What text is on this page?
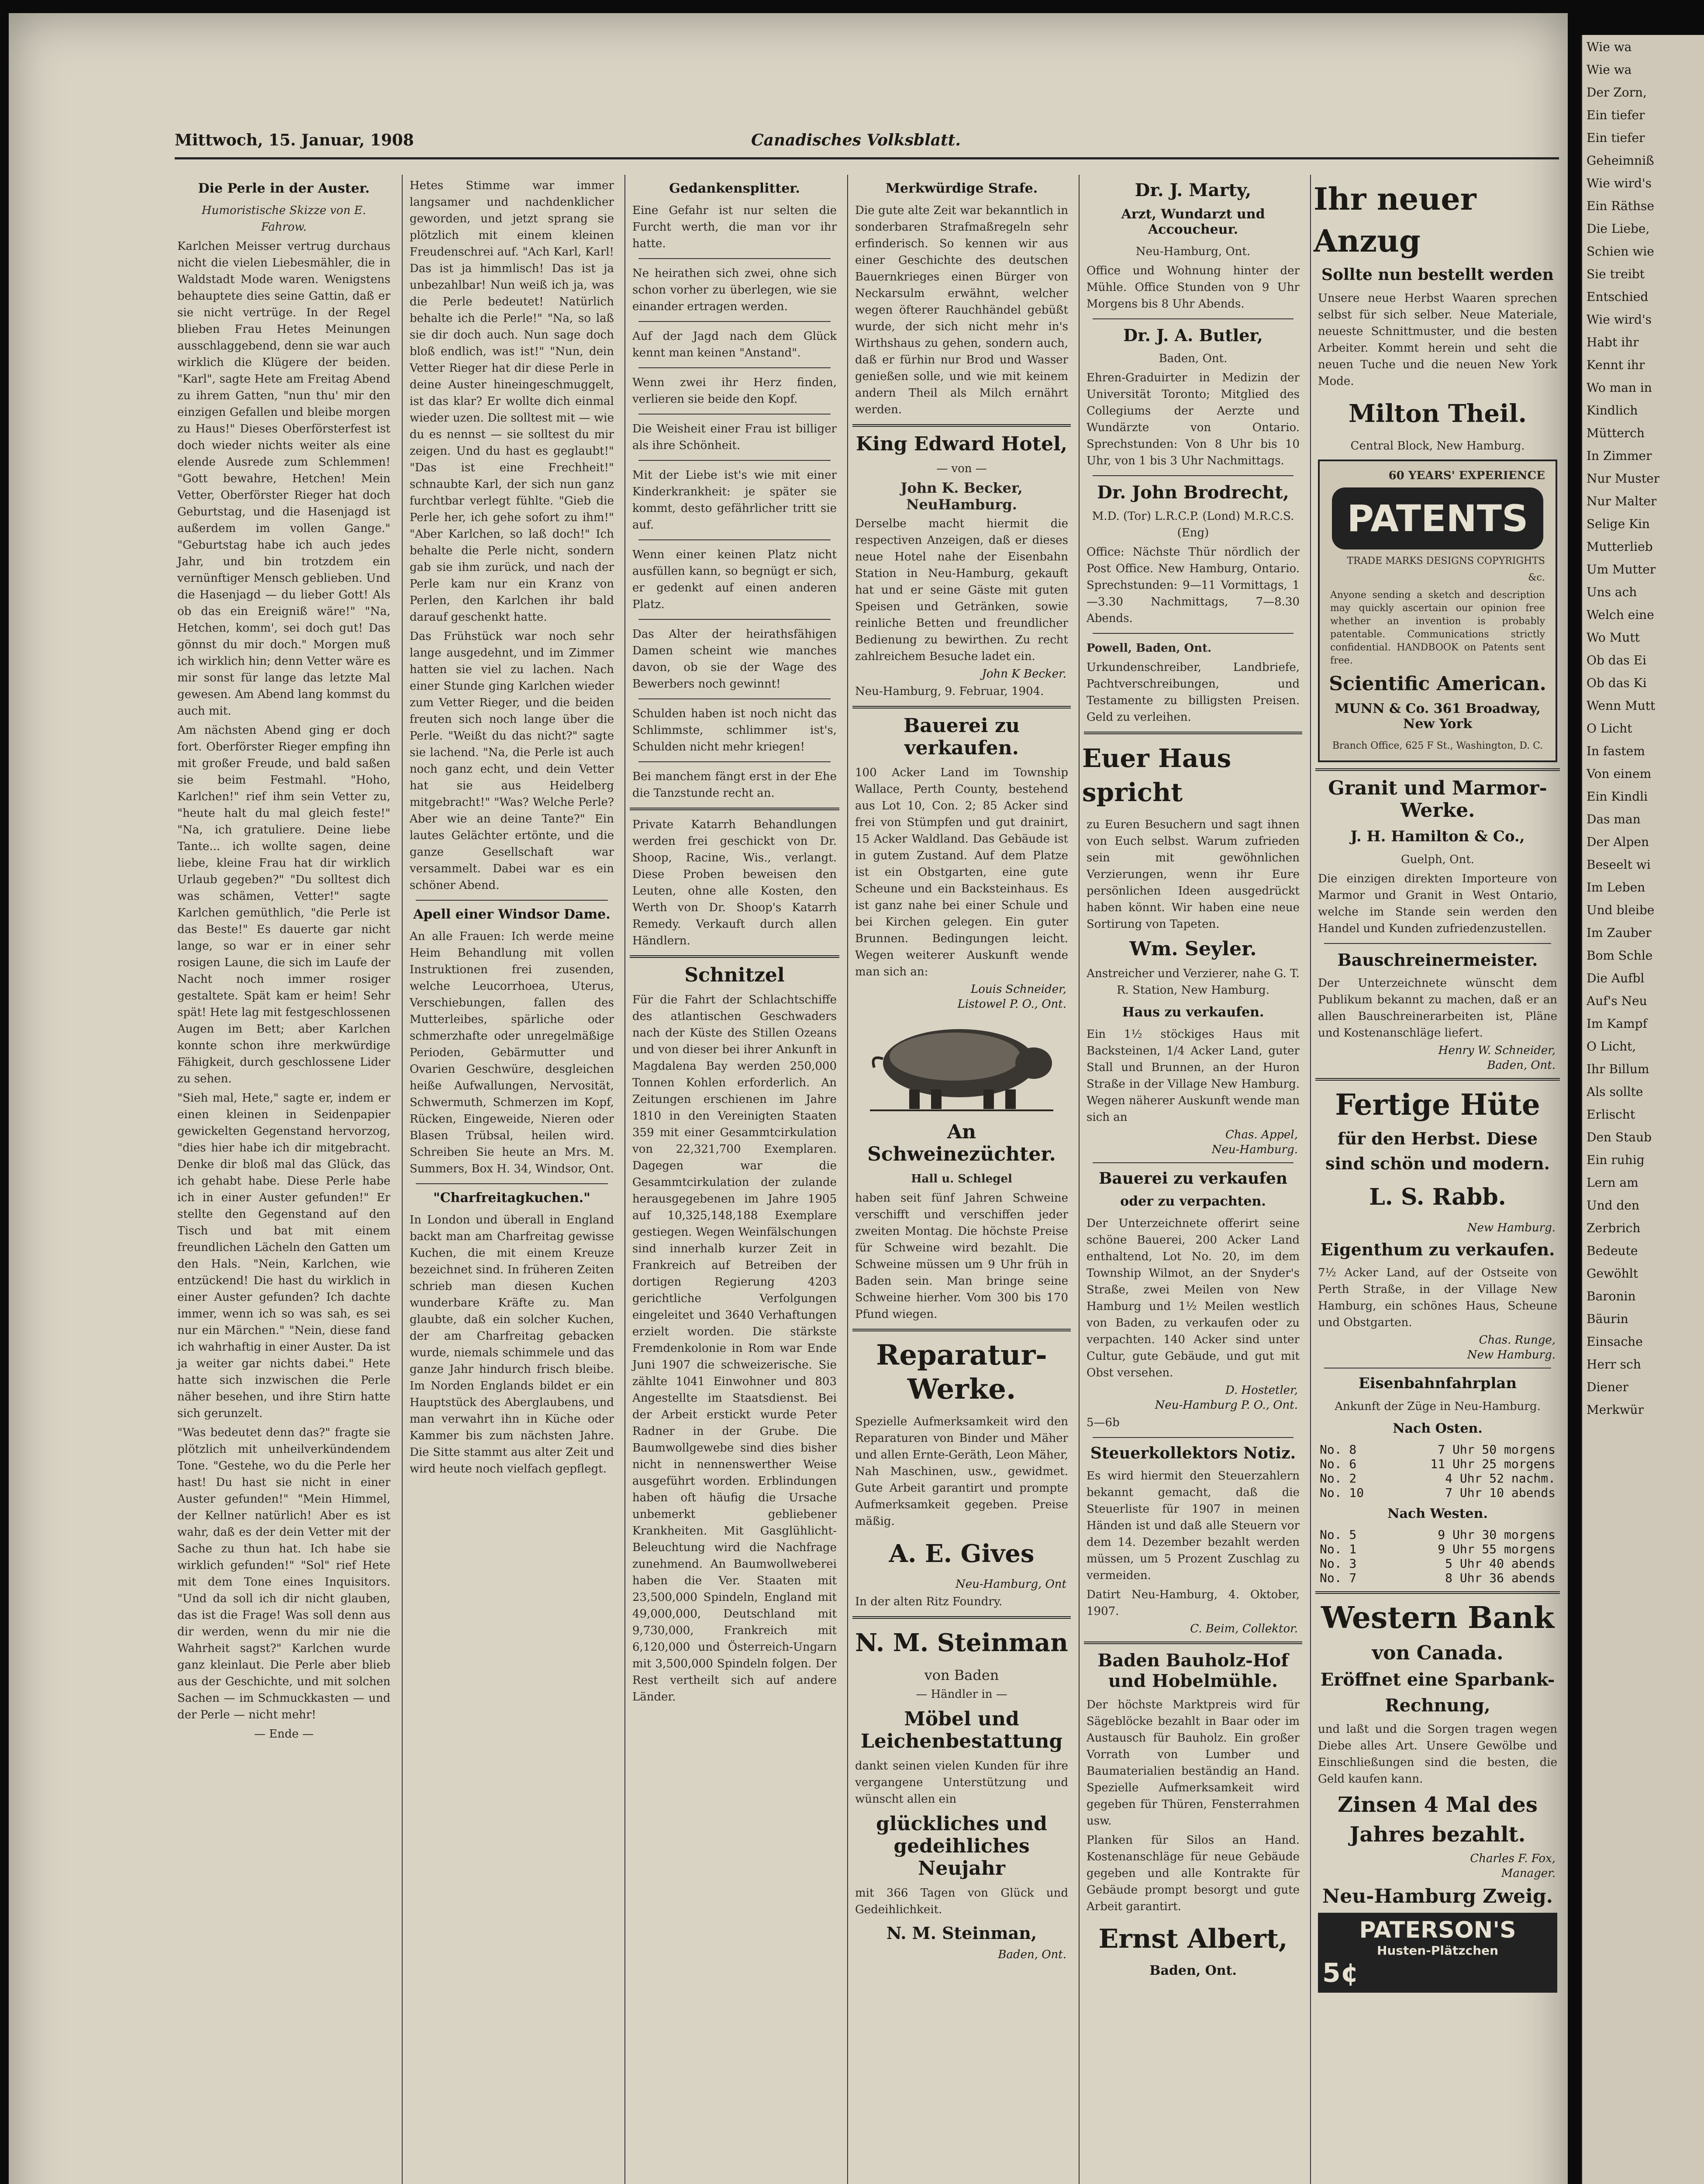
Mittwoch, 15. Januar, 1908	Canadisches Volksblatt.
Die Perle in der Auster.
Humoristische Skizze von E. Fahrow.
Karlchen Meisser vertrug durchaus nicht die vielen Liebesmähler, die in Waldstadt Mode waren. Wenigstens behauptete dies seine Gattin, daß er sie nicht vertrüge. In der Regel blieben Frau Hetes Meinungen ausschlaggebend, denn sie war auch wirklich die Klügere der beiden. "Karl", sagte Hete am Freitag Abend zu ihrem Gatten, "nun thu' mir den einzigen Gefallen und bleibe morgen zu Haus!" Dieses Oberförsterfest ist doch wieder nichts weiter als eine elende Ausrede zum Schlemmen! "Gott bewahre, Hetchen! Mein Vetter, Oberförster Rieger hat doch Geburtstag, und die Hasenjagd ist außerdem im vollen Gange." "Geburtstag habe ich auch jedes Jahr, und bin trotzdem ein vernünftiger Mensch geblieben. Und die Hasenjagd — du lieber Gott! Als ob das ein Ereigniß wäre!" "Na, Hetchen, komm', sei doch gut! Das gönnst du mir doch." Morgen muß ich wirklich hin; denn Vetter wäre es mir sonst für lange das letzte Mal gewesen. Am Abend lang kommst du auch mit.
Am nächsten Abend ging er doch fort. Oberförster Rieger empfing ihn mit großer Freude, und bald saßen sie beim Festmahl. "Hoho, Karlchen!" rief ihm sein Vetter zu, "heute halt du mal gleich feste!" "Na, ich gratuliere. Deine liebe Tante... ich wollte sagen, deine liebe, kleine Frau hat dir wirklich Urlaub gegeben?" "Du solltest dich was schämen, Vetter!" sagte Karlchen gemüthlich, "die Perle ist das Beste!" Es dauerte gar nicht lange, so war er in einer sehr rosigen Laune, die sich im Laufe der Nacht noch immer rosiger gestaltete. Spät kam er heim! Sehr spät! Hete lag mit festgeschlossenen Augen im Bett; aber Karlchen konnte schon ihre merkwürdige Fähigkeit, durch geschlossene Lider zu sehen.
"Sieh mal, Hete," sagte er, indem er einen kleinen in Seidenpapier gewickelten Gegenstand hervorzog, "dies hier habe ich dir mitgebracht. Denke dir bloß mal das Glück, das ich gehabt habe. Diese Perle habe ich in einer Auster gefunden!" Er stellte den Gegenstand auf den Tisch und bat mit einem freundlichen Lächeln den Gatten um den Hals. "Nein, Karlchen, wie entzückend! Die hast du wirklich in einer Auster gefunden? Ich dachte immer, wenn ich so was sah, es sei nur ein Märchen." "Nein, diese fand ich wahrhaftig in einer Auster. Da ist ja weiter gar nichts dabei." Hete hatte sich inzwischen die Perle näher besehen, und ihre Stirn hatte sich gerunzelt.
"Was bedeutet denn das?" fragte sie plötzlich mit unheilverkündendem Tone. "Gestehe, wo du die Perle her hast! Du hast sie nicht in einer Auster gefunden!" "Mein Himmel, der Kellner natürlich! Aber es ist wahr, daß es der dein Vetter mit der Sache zu thun hat. Ich habe sie wirklich gefunden!" "Sol" rief Hete mit dem Tone eines Inquisitors. "Und da soll ich dir nicht glauben, das ist die Frage! Was soll denn aus dir werden, wenn du mir nie die Wahrheit sagst?" Karlchen wurde ganz kleinlaut. Die Perle aber blieb aus der Geschichte, und mit solchen Sachen — im Schmuckkasten — und der Perle — nicht mehr!
— Ende —
Hetes Stimme war immer langsamer und nachdenklicher geworden, und jetzt sprang sie plötzlich mit einem kleinen Freudenschrei auf. "Ach Karl, Karl! Das ist ja himmlisch! Das ist ja unbezahlbar! Nun weiß ich ja, was die Perle bedeutet! Natürlich behalte ich die Perle!" "Na, so laß sie dir doch auch. Nun sage doch bloß endlich, was ist!" "Nun, dein Vetter Rieger hat dir diese Perle in deine Auster hineingeschmuggelt, ist das klar? Er wollte dich einmal wieder uzen. Die solltest mit — wie du es nennst — sie solltest du mir zeigen. Und du hast es geglaubt!" "Das ist eine Frechheit!" schnaubte Karl, der sich nun ganz furchtbar verlegt fühlte. "Gieb die Perle her, ich gehe sofort zu ihm!" "Aber Karlchen, so laß doch!" Ich behalte die Perle nicht, sondern gab sie ihm zurück, und nach der Perle kam nur ein Kranz von Perlen, den Karlchen ihr bald darauf geschenkt hatte.
Das Frühstück war noch sehr lange ausgedehnt, und im Zimmer hatten sie viel zu lachen. Nach einer Stunde ging Karlchen wieder zum Vetter Rieger, und die beiden freuten sich noch lange über die Perle. "Weißt du das nicht?" sagte sie lachend. "Na, die Perle ist auch noch ganz echt, und dein Vetter hat sie aus Heidelberg mitgebracht!" "Was? Welche Perle? Aber wie an deine Tante?" Ein lautes Gelächter ertönte, und die ganze Gesellschaft war versammelt. Dabei war es ein schöner Abend.
Apell einer Windsor Dame.
An alle Frauen: Ich werde meine Heim Behandlung mit vollen Instruktionen frei zusenden, welche Leucorrhoea, Uterus, Verschiebungen, fallen des Mutterleibes, spärliche oder schmerzhafte oder unregelmäßige Perioden, Gebärmutter und Ovarien Geschwüre, desgleichen heiße Aufwallungen, Nervosität, Schwermuth, Schmerzen im Kopf, Rücken, Eingeweide, Nieren oder Blasen Trübsal, heilen wird. Schreiben Sie heute an Mrs. M. Summers, Box H. 34, Windsor, Ont.
"Charfreitagkuchen."
In London und überall in England backt man am Charfreitag gewisse Kuchen, die mit einem Kreuze bezeichnet sind. In früheren Zeiten schrieb man diesen Kuchen wunderbare Kräfte zu. Man glaubte, daß ein solcher Kuchen, der am Charfreitag gebacken wurde, niemals schimmele und das ganze Jahr hindurch frisch bleibe. Im Norden Englands bildet er ein Hauptstück des Aberglaubens, und man verwahrt ihn in Küche oder Kammer bis zum nächsten Jahre. Die Sitte stammt aus alter Zeit und wird heute noch vielfach gepflegt.
Gedankensplitter.
Eine Gefahr ist nur selten die Furcht werth, die man vor ihr hatte.
Ne heirathen sich zwei, ohne sich schon vorher zu überlegen, wie sie einander ertragen werden.
Auf der Jagd nach dem Glück kennt man keinen "Anstand".
Wenn zwei ihr Herz finden, verlieren sie beide den Kopf.
Die Weisheit einer Frau ist billiger als ihre Schönheit.
Mit der Liebe ist's wie mit einer Kinderkrankheit: je später sie kommt, desto gefährlicher tritt sie auf.
Wenn einer keinen Platz nicht ausfüllen kann, so begnügt er sich, er gedenkt auf einen anderen Platz.
Das Alter der heirathsfähigen Damen scheint wie manches davon, ob sie der Wage des Bewerbers noch gewinnt!
Schulden haben ist noch nicht das Schlimmste, schlimmer ist's, Schulden nicht mehr kriegen!
Bei manchem fängt erst in der Ehe die Tanzstunde recht an.
Private Katarrh Behandlungen werden frei geschickt von Dr. Shoop, Racine, Wis., verlangt. Diese Proben beweisen den Leuten, ohne alle Kosten, den Werth von Dr. Shoop's Katarrh Remedy. Verkauft durch allen Händlern.
Schnitzel
Für die Fahrt der Schlachtschiffe des atlantischen Geschwaders nach der Küste des Stillen Ozeans und von dieser bei ihrer Ankunft in Magdalena Bay werden 250,000 Tonnen Kohlen erforderlich. An Zeitungen erschienen im Jahre 1810 in den Vereinigten Staaten 359 mit einer Gesammtcirkulation von 22,321,700 Exemplaren. Dagegen war die Gesammtcirkulation der zulande herausgegebenen im Jahre 1905 auf 10,325,148,188 Exemplare gestiegen. Wegen Weinfälschungen sind innerhalb kurzer Zeit in Frankreich auf Betreiben der dortigen Regierung 4203 gerichtliche Verfolgungen eingeleitet und 3640 Verhaftungen erzielt worden. Die stärkste Fremdenkolonie in Rom war Ende Juni 1907 die schweizerische. Sie zählte 1041 Einwohner und 803 Angestellte im Staatsdienst. Bei der Arbeit erstickt wurde Peter Radner in der Grube. Die Baumwollgewebe sind dies bisher nicht in nennenswerther Weise ausgeführt worden. Erblindungen haben oft häufig die Ursache unbemerkt gebliebener Krankheiten. Mit Gasglühlicht-Beleuchtung wird die Nachfrage zunehmend. An Baumwollweberei haben die Ver. Staaten mit 23,500,000 Spindeln, England mit 49,000,000, Deutschland mit 9,730,000, Frankreich mit 6,120,000 und Österreich-Ungarn mit 3,500,000 Spindeln folgen. Der Rest vertheilt sich auf andere Länder.
Merkwürdige Strafe.
Die gute alte Zeit war bekanntlich in sonderbaren Strafmaßregeln sehr erfinderisch. So kennen wir aus einer Geschichte des deutschen Bauernkrieges einen Bürger von Neckarsulm erwähnt, welcher wegen öfterer Rauchhändel gebüßt wurde, der sich nicht mehr in's Wirthshaus zu gehen, sondern auch, daß er fürhin nur Brod und Wasser genießen solle, und wie mit keinem andern Theil als Milch ernährt werden.
King Edward Hotel,
— von —
John K. Becker, NeuHamburg.
Derselbe macht hiermit die respectiven Anzeigen, daß er dieses neue Hotel nahe der Eisenbahn Station in Neu-Hamburg, gekauft hat und er seine Gäste mit guten Speisen und Getränken, sowie reinliche Betten und freundlicher Bedienung zu bewirthen. Zu recht zahlreichem Besuche ladet ein.
John K Becker.
Neu-Hamburg, 9. Februar, 1904.
Bauerei zu verkaufen.
100 Acker Land im Township Wallace, Perth County, bestehend aus Lot 10, Con. 2; 85 Acker sind frei von Stümpfen und gut drainirt, 15 Acker Waldland. Das Gebäude ist in gutem Zustand. Auf dem Platze ist ein Obstgarten, eine gute Scheune und ein Backsteinhaus. Es ist ganz nahe bei einer Schule und bei Kirchen gelegen. Ein guter Brunnen. Bedingungen leicht. Wegen weiterer Auskunft wende man sich an:
Louis Schneider,
Listowel P. O., Ont.
An Schweinezüchter.
Hall u. Schlegel
haben seit fünf Jahren Schweine verschifft und verschiffen jeder zweiten Montag. Die höchste Preise für Schweine wird bezahlt. Die Schweine müssen um 9 Uhr früh in Baden sein. Man bringe seine Schweine hierher. Vom 300 bis 170 Pfund wiegen.
Reparatur-Werke.
Spezielle Aufmerksamkeit wird den Reparaturen von Binder und Mäher und allen Ernte-Geräth, Leon Mäher, Nah Maschinen, usw., gewidmet. Gute Arbeit garantirt und prompte Aufmerksamkeit gegeben. Preise mäßig.
A. E. Gives
Neu-Hamburg, Ont
In der alten Ritz Foundry.
N. M. Steinman
von Baden
— Händler in —
Möbel und Leichenbestattung
dankt seinen vielen Kunden für ihre vergangene Unterstützung und wünscht allen ein
glückliches und gedeihliches Neujahr
mit 366 Tagen von Glück und Gedeihlichkeit.
N. M. Steinman,
Baden, Ont.
Dr. J. Marty,
Arzt, Wundarzt und Accoucheur.
Neu-Hamburg, Ont.
Office und Wohnung hinter der Mühle. Office Stunden von 9 Uhr Morgens bis 8 Uhr Abends.
Dr. J. A. Butler,
Baden, Ont.
Ehren-Graduirter in Medizin der Universität Toronto; Mitglied des Collegiums der Aerzte und Wundärzte von Ontario. Sprechstunden: Von 8 Uhr bis 10 Uhr, von 1 bis 3 Uhr Nachmittags.
Dr. John Brodrecht,
M.D. (Tor) L.R.C.P. (Lond) M.R.C.S. (Eng)
Office: Nächste Thür nördlich der Post Office. New Hamburg, Ontario. Sprechstunden: 9—11 Vormittags, 1—3.30 Nachmittags, 7—8.30 Abends.
Powell, Baden, Ont.
Urkundenschreiber, Landbriefe, Pachtverschreibungen, und Testamente zu billigsten Preisen. Geld zu verleihen.
Euer Haus spricht
zu Euren Besuchern und sagt ihnen von Euch selbst. Warum zufrieden sein mit gewöhnlichen Verzierungen, wenn ihr Eure persönlichen Ideen ausgedrückt haben könnt. Wir haben eine neue Sortirung von Tapeten.
Wm. Seyler.
Anstreicher und Verzierer, nahe G. T. R. Station, New Hamburg.
Haus zu verkaufen.
Ein 1½ stöckiges Haus mit Backsteinen, 1/4 Acker Land, guter Stall und Brunnen, an der Huron Straße in der Village New Hamburg. Wegen näherer Auskunft wende man sich an
Chas. Appel,
Neu-Hamburg.
Bauerei zu verkaufen
oder zu verpachten.
Der Unterzeichnete offerirt seine schöne Bauerei, 200 Acker Land enthaltend, Lot No. 20, im dem Township Wilmot, an der Snyder's Straße, zwei Meilen von New Hamburg und 1½ Meilen westlich von Baden, zu verkaufen oder zu verpachten. 140 Acker sind unter Cultur, gute Gebäude, und gut mit Obst versehen.
D. Hostetler,
Neu-Hamburg P. O., Ont.
5—6b
Steuerkollektors Notiz.
Es wird hiermit den Steuerzahlern bekannt gemacht, daß die Steuerliste für 1907 in meinen Händen ist und daß alle Steuern vor dem 14. Dezember bezahlt werden müssen, um 5 Prozent Zuschlag zu vermeiden.
Datirt Neu-Hamburg, 4. Oktober, 1907.
C. Beim, Collektor.
Baden Bauholz-Hof und Hobelmühle.
Der höchste Marktpreis wird für Sägeblöcke bezahlt in Baar oder im Austausch für Bauholz. Ein großer Vorrath von Lumber und Baumaterialien beständig an Hand. Spezielle Aufmerksamkeit wird gegeben für Thüren, Fensterrahmen usw.
Planken für Silos an Hand. Kostenanschläge für neue Gebäude gegeben und alle Kontrakte für Gebäude prompt besorgt und gute Arbeit garantirt.
Ernst Albert,
Baden, Ont.
Ihr neuer
Anzug
Sollte nun bestellt werden
Unsere neue Herbst Waaren sprechen selbst für sich selber. Neue Materiale, neueste Schnittmuster, und die besten Arbeiter. Kommt herein und seht die neuen Tuche und die neuen New York Mode.
Milton Theil.
Central Block, New Hamburg.
60 YEARS' EXPERIENCE
PATENTS
TRADE MARKS DESIGNS COPYRIGHTS &c.
Anyone sending a sketch and description may quickly ascertain our opinion free whether an invention is probably patentable. Communications strictly confidential. HANDBOOK on Patents sent free.
Scientific American.
MUNN & Co. 361 Broadway, New York
Branch Office, 625 F St., Washington, D. C.
Granit und Marmor-Werke.
J. H. Hamilton & Co.,
Guelph, Ont.
Die einzigen direkten Importeure von Marmor und Granit in West Ontario, welche im Stande sein werden den Handel und Kunden zufriedenzustellen.
Bauschreinermeister.
Der Unterzeichnete wünscht dem Publikum bekannt zu machen, daß er an allen Bauschreinerarbeiten ist, Pläne und Kostenanschläge liefert.
Henry W. Schneider,
Baden, Ont.
Fertige Hüte
für den Herbst. Diese
sind schön und modern.
L. S. Rabb.
New Hamburg.
Eigenthum zu verkaufen.
7½ Acker Land, auf der Ostseite von Perth Straße, in der Village New Hamburg, ein schönes Haus, Scheune und Obstgarten.
Chas. Runge,
New Hamburg.
Eisenbahnfahrplan
Ankunft der Züge in Neu-Hamburg.
Nach Osten.
No. 8	7 Uhr 50 morgens
No. 6	11 Uhr 25 morgens
No. 2	4 Uhr 52 nachm.
No. 10	7 Uhr 10 abends
Nach Westen.
No. 5	9 Uhr 30 morgens
No. 1	9 Uhr 55 morgens
No. 3	5 Uhr 40 abends
No. 7	8 Uhr 36 abends
Western Bank
von Canada.
Eröffnet eine Sparbank-
Rechnung,
und laßt und die Sorgen tragen wegen Diebe alles Art. Unsere Gewölbe und Einschließungen sind die besten, die Geld kaufen kann.
Zinsen 4 Mal des
Jahres bezahlt.
Charles F. Fox,
Manager.
Neu-Hamburg Zweig.
PATERSON'S
Husten-Plätzchen
5¢
Wie wa
Wie wa
Der Zorn,
Ein tiefer
Ein tiefer
Geheimniß
Wie wird's
Ein Räthse
Die Liebe,
Schien wie
Sie treibt
Entschied
Wie wird's
Habt ihr
Kennt ihr
Wo man in
Kindlich
Mütterch
In Zimmer
Nur Muster
Nur Malter
Selige Kin
Mutterlieb
Um Mutter
Uns ach
Welch eine
Wo Mutt
Ob das Ei
Ob das Ki
Wenn Mutt
O Licht
In fastem
Von einem
Ein Kindli
Das man
Der Alpen
Beseelt wi
Im Leben
Und bleibe
Im Zauber
Bom Schle
Die Aufbl
Auf's Neu
Im Kampf
O Licht,
Ihr Billum
Als sollte
Erlischt
Den Staub
Ein ruhig
Lern am
Und den
Zerbrich
Bedeute
Gewöhlt
Baronin
Bäurin
Einsache
Herr sch
Diener
Merkwür
